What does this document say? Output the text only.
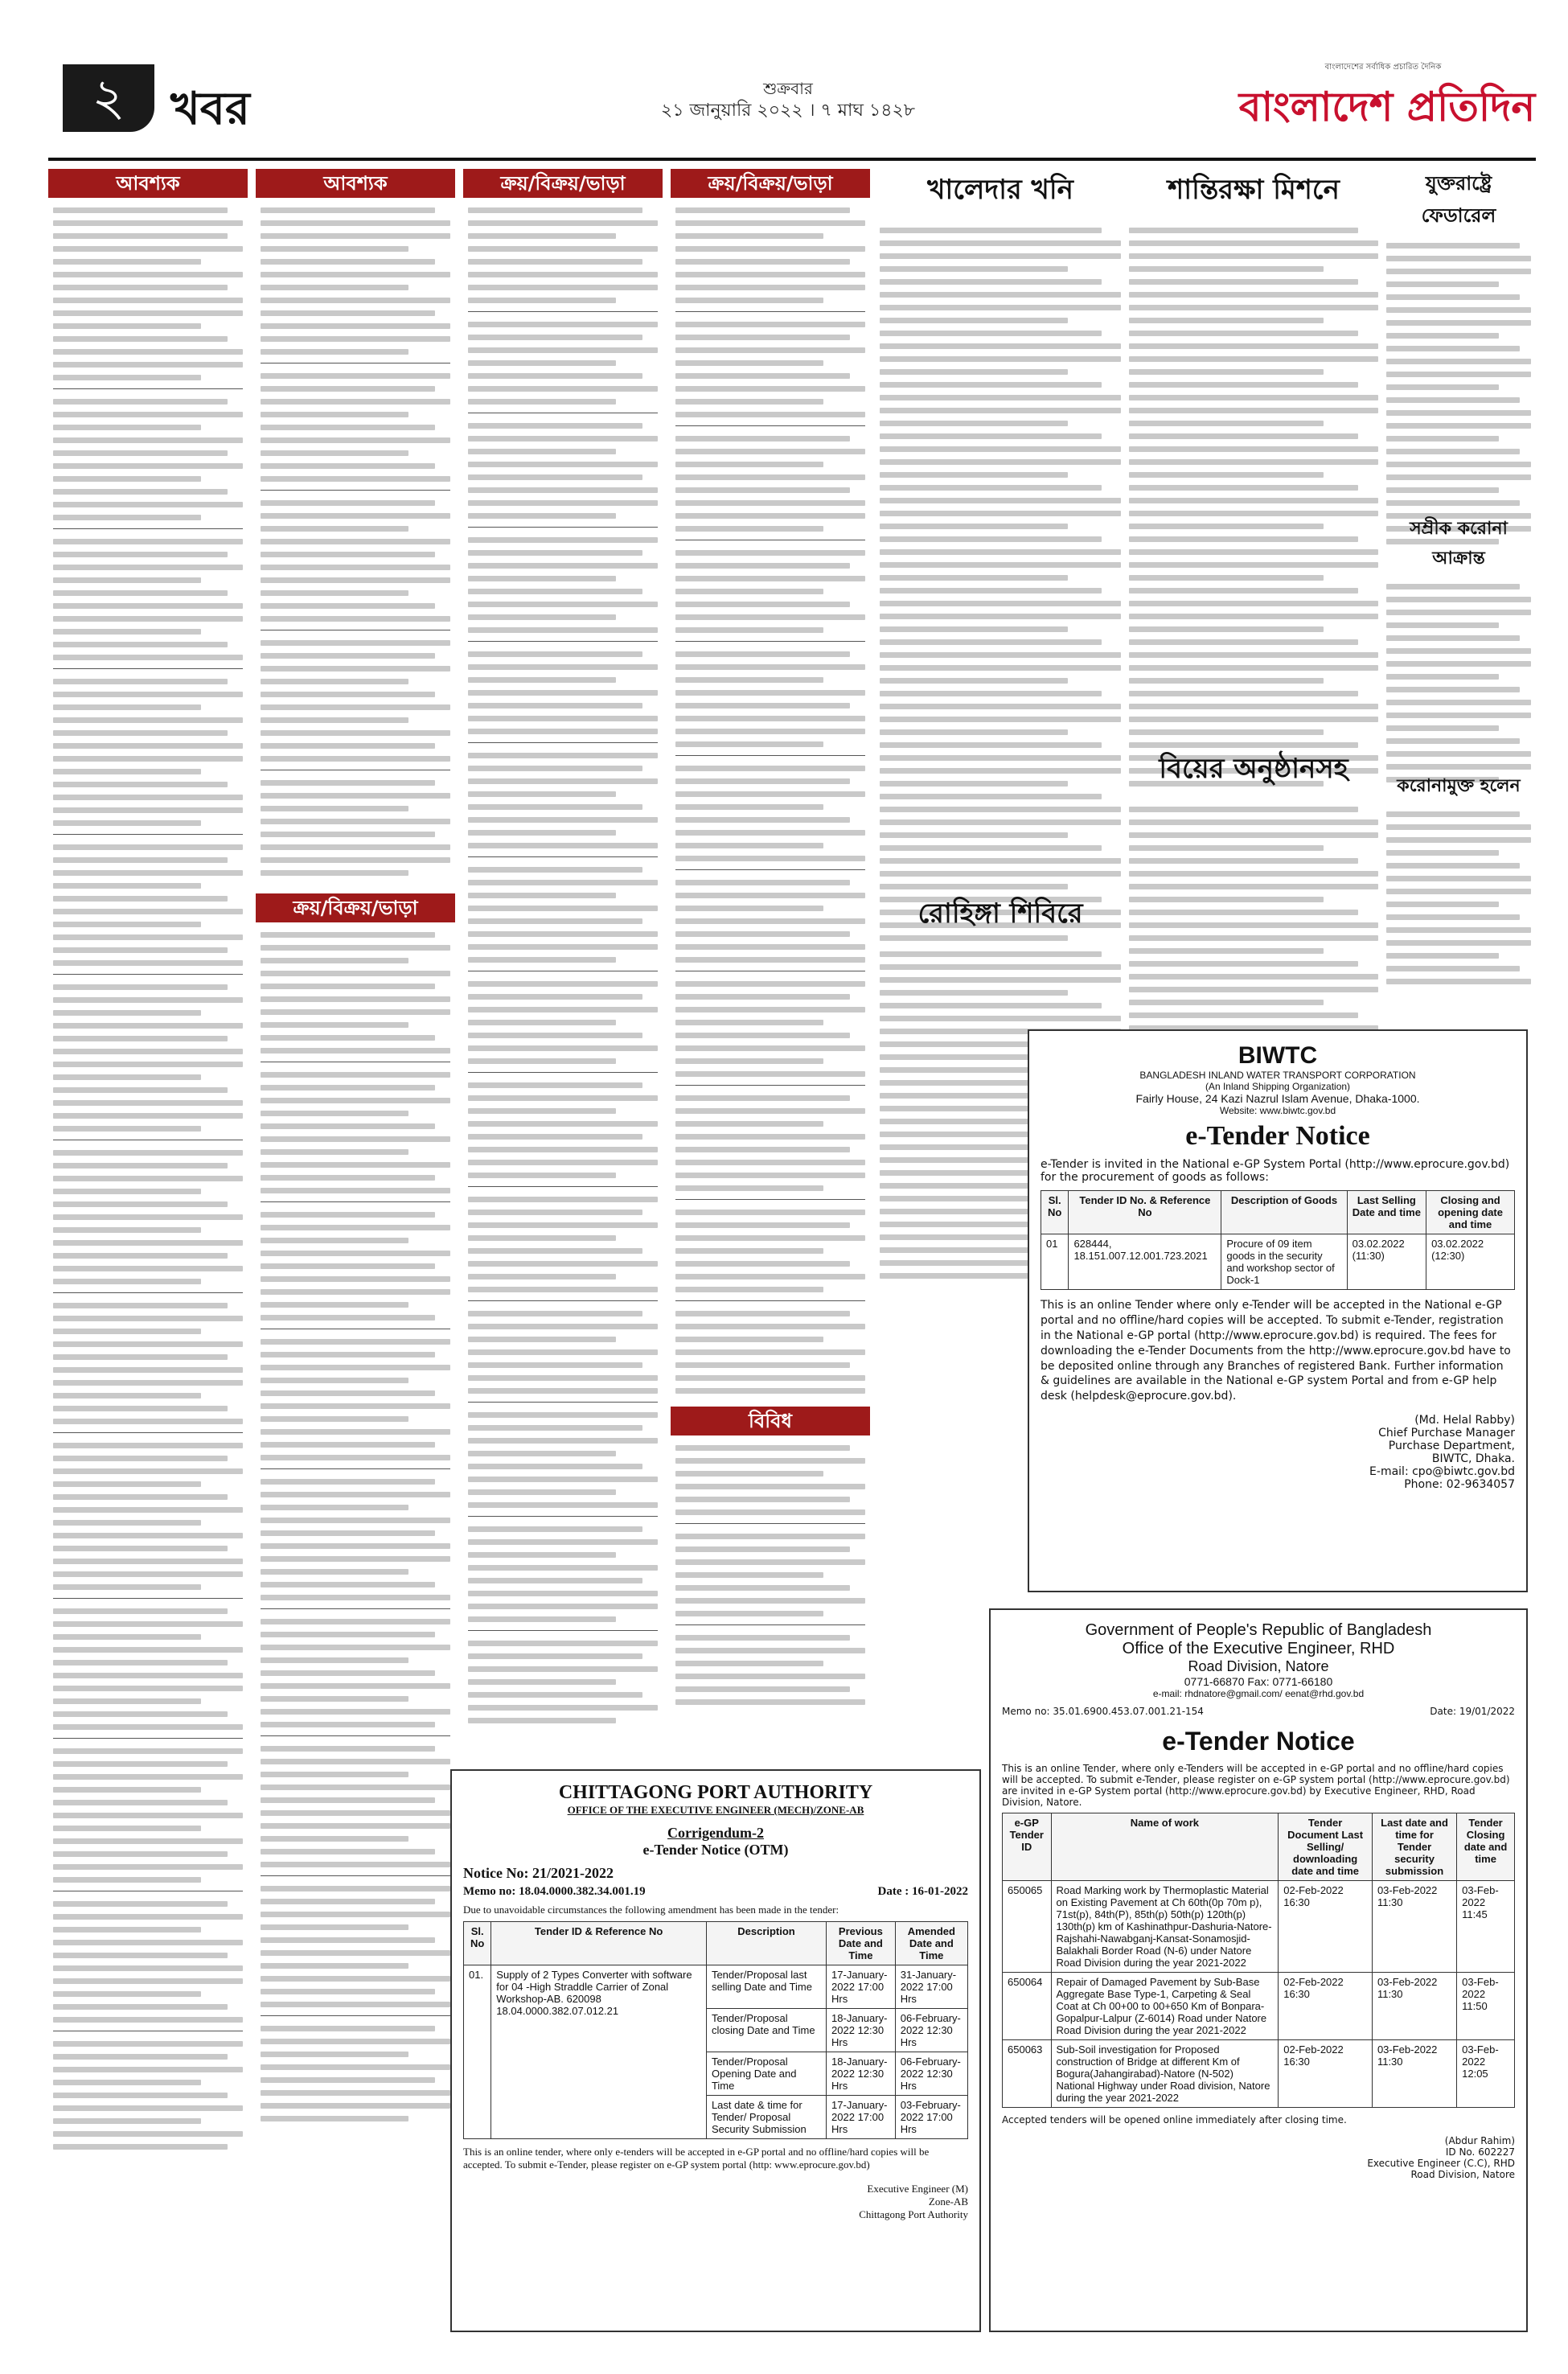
২	খবর	শুক্রবার
২১ জানুয়ারি ২০২২ । ৭ মাঘ ১৪২৮
বাংলাদেশের সর্বাধিক প্রচারিত দৈনিক
বাংলাদেশ প্রতিদিন
আবশ্যক	আবশ্যক
ক্রয়/বিক্রয়/ভাড়া
ক্রয়/বিক্রয়/ভাড়া	ক্রয়/বিক্রয়/ভাড়া
বিবিধ
খালেদার খনি
রোহিঙ্গা শিবিরে
শান্তিরক্ষা মিশনে
বিয়ের অনুষ্ঠানসহ
যুক্তরাষ্ট্রে ফেডারেল
সম্রীক করোনা আক্রান্ত
করোনামুক্ত হলেন
BIWTC
BANGLADESH INLAND WATER TRANSPORT CORPORATION
(An Inland Shipping Organization)
Fairly House, 24 Kazi Nazrul Islam Avenue, Dhaka-1000.
Website: www.biwtc.gov.bd
e-Tender Notice
e-Tender is invited in the National e-GP System Portal (http://www.eprocure.gov.bd) for the procurement of goods as follows:
Sl. No	Tender ID No. & Reference No	Description of Goods	Last Selling Date and time	Closing and opening date and time
01	628444, 18.151.007.12.001.723.2021	Procure of 09 item goods in the security and workshop sector of Dock-1	03.02.2022 (11:30)	03.02.2022 (12:30)
This is an online Tender where only e-Tender will be accepted in the National e-GP portal and no offline/hard copies will be accepted. To submit e-Tender, registration in the National e-GP portal (http://www.eprocure.gov.bd) is required. The fees for downloading the e-Tender Documents from the http://www.eprocure.gov.bd have to be deposited online through any Branches of registered Bank. Further information & guidelines are available in the National e-GP system Portal and from e-GP help desk (helpdesk@eprocure.gov.bd).
(Md. Helal Rabby)
Chief Purchase Manager
Purchase Department,
BIWTC, Dhaka.
E-mail: cpo@biwtc.gov.bd
Phone: 02-9634057
CHITTAGONG PORT AUTHORITY
OFFICE OF THE EXECUTIVE ENGINEER (MECH)/ZONE-AB
Corrigendum-2
e-Tender Notice (OTM)
Notice No: 21/2021-2022
Memo no: 18.04.0000.382.34.001.19	Date : 16-01-2022
Due to unavoidable circumstances the following amendment has been made in the tender:
Sl. No	Tender ID & Reference No	Description	Previous Date and Time	Amended Date and Time
01.	Supply of 2 Types Converter with software for 04 -High Straddle Carrier of Zonal Workshop-AB. 620098 18.04.0000.382.07.012.21	Tender/Proposal last selling Date and Time	17-January-2022 17:00 Hrs	31-January-2022 17:00 Hrs
		Tender/Proposal closing Date and Time	18-January-2022 12:30 Hrs	06-February-2022 12:30 Hrs
		Tender/Proposal Opening Date and Time	18-January-2022 12:30 Hrs	06-February-2022 12:30 Hrs
		Last date & time for Tender/ Proposal Security Submission	17-January-2022 17:00 Hrs	03-February-2022 17:00 Hrs
This is an online tender, where only e-tenders will be accepted in e-GP portal and no offline/hard copies will be accepted. To submit e-Tender, please register on e-GP system portal (http: www.eprocure.gov.bd)
Executive Engineer (M)
Zone-AB
Chittagong Port Authority
Government of People's Republic of Bangladesh
Office of the Executive Engineer, RHD
Road Division, Natore
0771-66870 Fax: 0771-66180
e-mail: rhdnatore@gmail.com/ eenat@rhd.gov.bd
Memo no: 35.01.6900.453.07.001.21-154	Date: 19/01/2022
e-Tender Notice
This is an online Tender, where only e-Tenders will be accepted in e-GP portal and no offline/hard copies will be accepted. To submit e-Tender, please register on e-GP system portal (http://www.eprocure.gov.bd) are invited in e-GP System portal (http://www.eprocure.gov.bd) by Executive Engineer, RHD, Road Division, Natore.
e-GP Tender ID	Name of work	Tender Document Last Selling/ downloading date and time	Last date and time for Tender security submission	Tender Closing date and time
650065	Road Marking work by Thermoplastic Material on Existing Pavement at Ch 60th(0p 70m p), 71st(p), 84th(P), 85th(p) 50th(p) 120th(p) 130th(p) km of Kashinathpur-Dashuria-Natore-Rajshahi-Nawabganj-Kansat-Sonamosjid-Balakhali Border Road (N-6) under Natore Road Division during the year 2021-2022	02-Feb-2022 16:30	03-Feb-2022 11:30	03-Feb-2022 11:45
650064	Repair of Damaged Pavement by Sub-Base Aggregate Base Type-1, Carpeting & Seal Coat at Ch 00+00 to 00+650 Km of Bonpara-Gopalpur-Lalpur (Z-6014) Road under Natore Road Division during the year 2021-2022	02-Feb-2022 16:30	03-Feb-2022 11:30	03-Feb-2022 11:50
650063	Sub-Soil investigation for Proposed construction of Bridge at different Km of Bogura(Jahangirabad)-Natore (N-502) National Highway under Road division, Natore during the year 2021-2022	02-Feb-2022 16:30	03-Feb-2022 11:30	03-Feb-2022 12:05
Accepted tenders will be opened online immediately after closing time.
(Abdur Rahim)
ID No. 602227
Executive Engineer (C.C), RHD
Road Division, Natore
